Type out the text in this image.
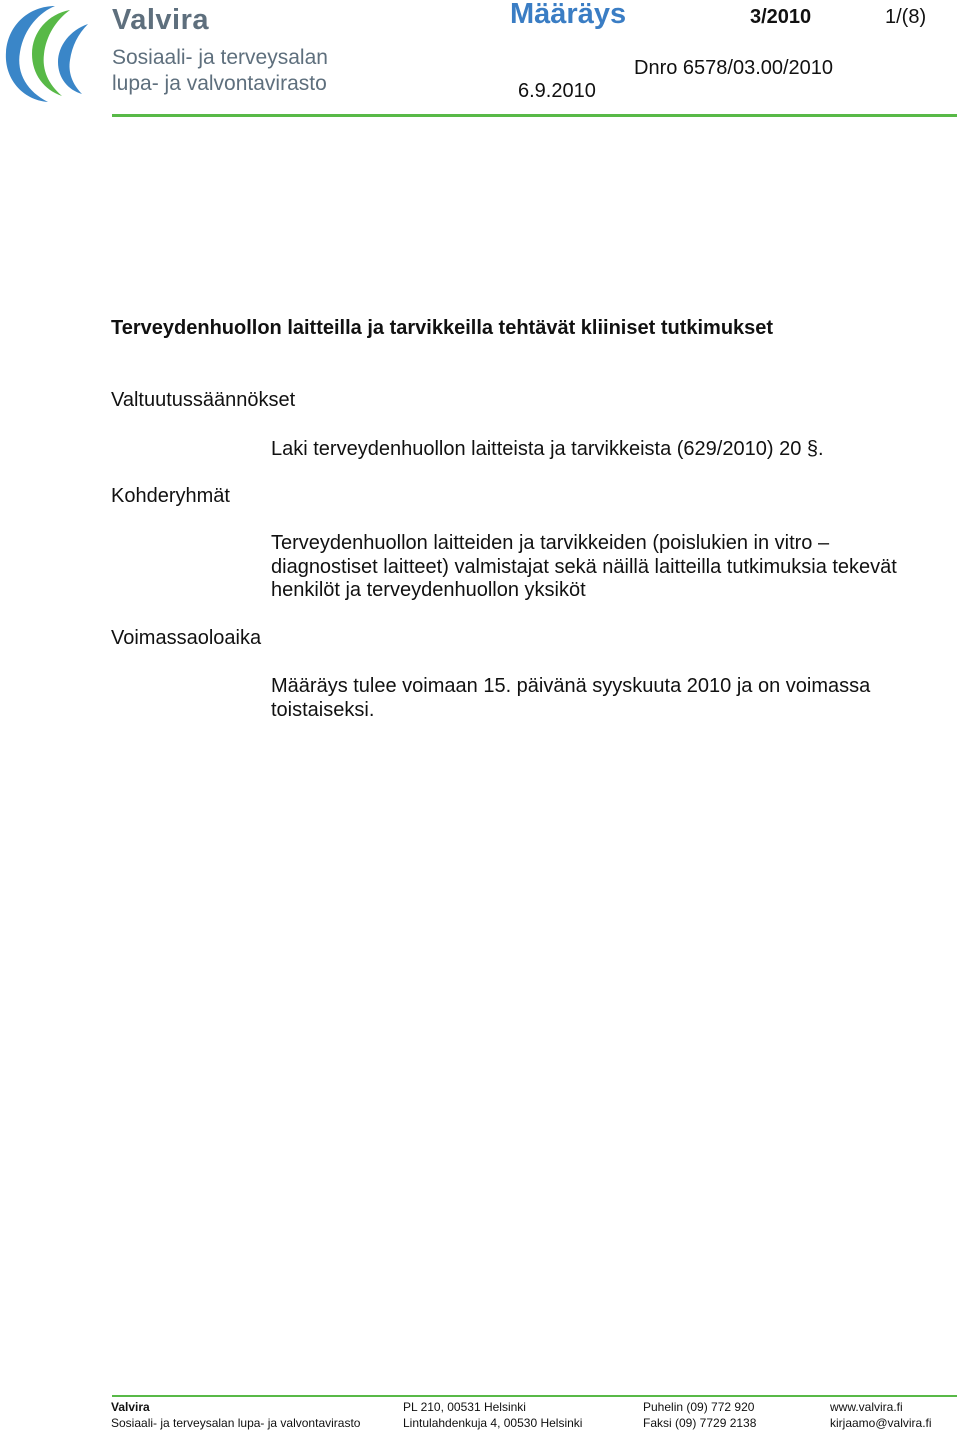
Valvira
Sosiaali- ja terveysalan
lupa- ja valvontavirasto
Määräys	3/2010	1/(8)
Dnro 6578/03.00/2010
6.9.2010
Terveydenhuollon laitteilla ja tarvikkeilla tehtävät kliiniset tutkimukset
Valtuutussäännökset
Laki terveydenhuollon laitteista ja tarvikkeista (629/2010) 20 §.
Kohderyhmät
Terveydenhuollon laitteiden ja tarvikkeiden (poislukien in vitro – diagnostiset laitteet) valmistajat sekä näillä laitteilla tutkimuksia tekevät henkilöt ja terveydenhuollon yksiköt
Voimassaoloaika
Määräys tulee voimaan 15. päivänä syyskuuta 2010 ja on voimassa toistaiseksi.
Valvira
Sosiaali- ja terveysalan lupa- ja valvontavirasto
PL 210, 00531 Helsinki
Lintulahdenkuja 4, 00530 Helsinki
Puhelin (09) 772 920
Faksi (09) 7729 2138
www.valvira.fi
kirjaamo@valvira.fi
